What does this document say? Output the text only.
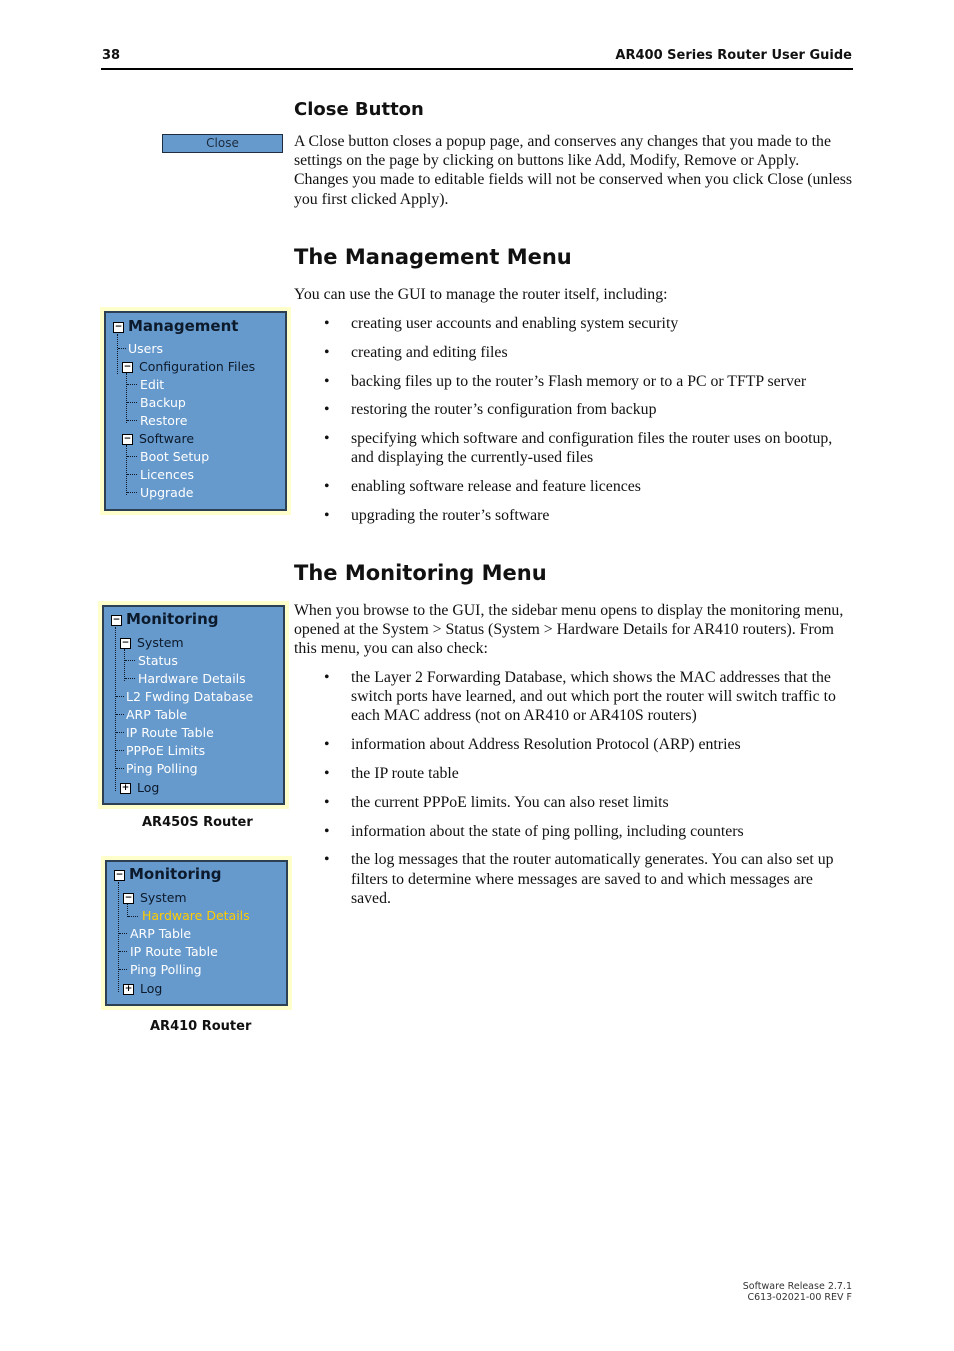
38	AR400 Series Router User Guide
Close Button
Close	A Close button closes a popup page, and conserves any changes that you made to the settings on the page by clicking on buttons like Add, Modify, Remove or Apply. Changes you made to editable fields will not be conserved when you click Close (unless you first clicked Apply).

The Management Menu

You can use the GUI to manage the router itself, including:

• creating user accounts and enabling system security
• creating and editing files
• backing files up to the router’s Flash memory or to a PC or TFTP server
• restoring the router’s configuration from backup
• specifying which software and configuration files the router uses on bootup, and displaying the currently-used files
• enabling software release and feature licences
• upgrading the router’s software
− Management
Users
− Configuration Files
Edit
Backup
Restore
− Software
Boot Setup
Licences
Upgrade
The Monitoring Menu

When you browse to the GUI, the sidebar menu opens to display the monitoring menu, opened at the System > Status (System > Hardware Details for AR410 routers). From this menu, you can also check:

• the Layer 2 Forwarding Database, which shows the MAC addresses that the switch ports have learned, and out which port the router will switch traffic to each MAC address (not on AR410 or AR410S routers)
• information about Address Resolution Protocol (ARP) entries
• the IP route table
• the current PPPoE limits. You can also reset limits
• information about the state of ping polling, including counters
• the log messages that the router automatically generates. You can also set up filters to determine where messages are saved to and which messages are saved.
− Monitoring
− System
Status
Hardware Details
L2 Fwding Database
ARP Table
IP Route Table
PPPoE Limits
Ping Polling
+ Log
AR450S Router
− Monitoring
− System
Hardware Details
ARP Table
IP Route Table
Ping Polling
+ Log
AR410 Router
Software Release 2.7.1
C613-02021-00 REV F
